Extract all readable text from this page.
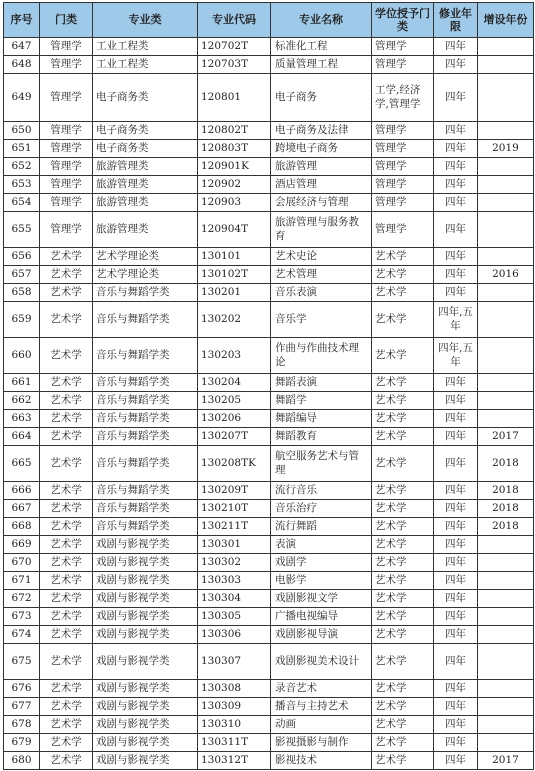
序号	门类	专业类	专业代码	专业名称	学位授予门类	修业年限	增设年份
647	管理学	工业工程类	120702T	标准化工程	管理学	四年	
648	管理学	工业工程类	120703T	质量管理工程	管理学	四年	
649	管理学	电子商务类	120801	电子商务	工学,经济学,管理学	四年	
650	管理学	电子商务类	120802T	电子商务及法律	管理学	四年	
651	管理学	电子商务类	120803T	跨境电子商务	管理学	四年	2019
652	管理学	旅游管理类	120901K	旅游管理	管理学	四年	
653	管理学	旅游管理类	120902	酒店管理	管理学	四年	
654	管理学	旅游管理类	120903	会展经济与管理	管理学	四年	
655	管理学	旅游管理类	120904T	旅游管理与服务教育	管理学	四年	
656	艺术学	艺术学理论类	130101	艺术史论	艺术学	四年	
657	艺术学	艺术学理论类	130102T	艺术管理	艺术学	四年	2016
658	艺术学	音乐与舞蹈学类	130201	音乐表演	艺术学	四年	
659	艺术学	音乐与舞蹈学类	130202	音乐学	艺术学	四年,五年	
660	艺术学	音乐与舞蹈学类	130203	作曲与作曲技术理论	艺术学	四年,五年	
661	艺术学	音乐与舞蹈学类	130204	舞蹈表演	艺术学	四年	
662	艺术学	音乐与舞蹈学类	130205	舞蹈学	艺术学	四年	
663	艺术学	音乐与舞蹈学类	130206	舞蹈编导	艺术学	四年	
664	艺术学	音乐与舞蹈学类	130207T	舞蹈教育	艺术学	四年	2017
665	艺术学	音乐与舞蹈学类	130208TK	航空服务艺术与管理	艺术学	四年	2018
666	艺术学	音乐与舞蹈学类	130209T	流行音乐	艺术学	四年	2018
667	艺术学	音乐与舞蹈学类	130210T	音乐治疗	艺术学	四年	2018
668	艺术学	音乐与舞蹈学类	130211T	流行舞蹈	艺术学	四年	2018
669	艺术学	戏剧与影视学类	130301	表演	艺术学	四年	
670	艺术学	戏剧与影视学类	130302	戏剧学	艺术学	四年	
671	艺术学	戏剧与影视学类	130303	电影学	艺术学	四年	
672	艺术学	戏剧与影视学类	130304	戏剧影视文学	艺术学	四年	
673	艺术学	戏剧与影视学类	130305	广播电视编导	艺术学	四年	
674	艺术学	戏剧与影视学类	130306	戏剧影视导演	艺术学	四年	
675	艺术学	戏剧与影视学类	130307	戏剧影视美术设计	艺术学	四年	
676	艺术学	戏剧与影视学类	130308	录音艺术	艺术学	四年	
677	艺术学	戏剧与影视学类	130309	播音与主持艺术	艺术学	四年	
678	艺术学	戏剧与影视学类	130310	动画	艺术学	四年	
679	艺术学	戏剧与影视学类	130311T	影视摄影与制作	艺术学	四年	
680	艺术学	戏剧与影视学类	130312T	影视技术	艺术学	四年	2017
